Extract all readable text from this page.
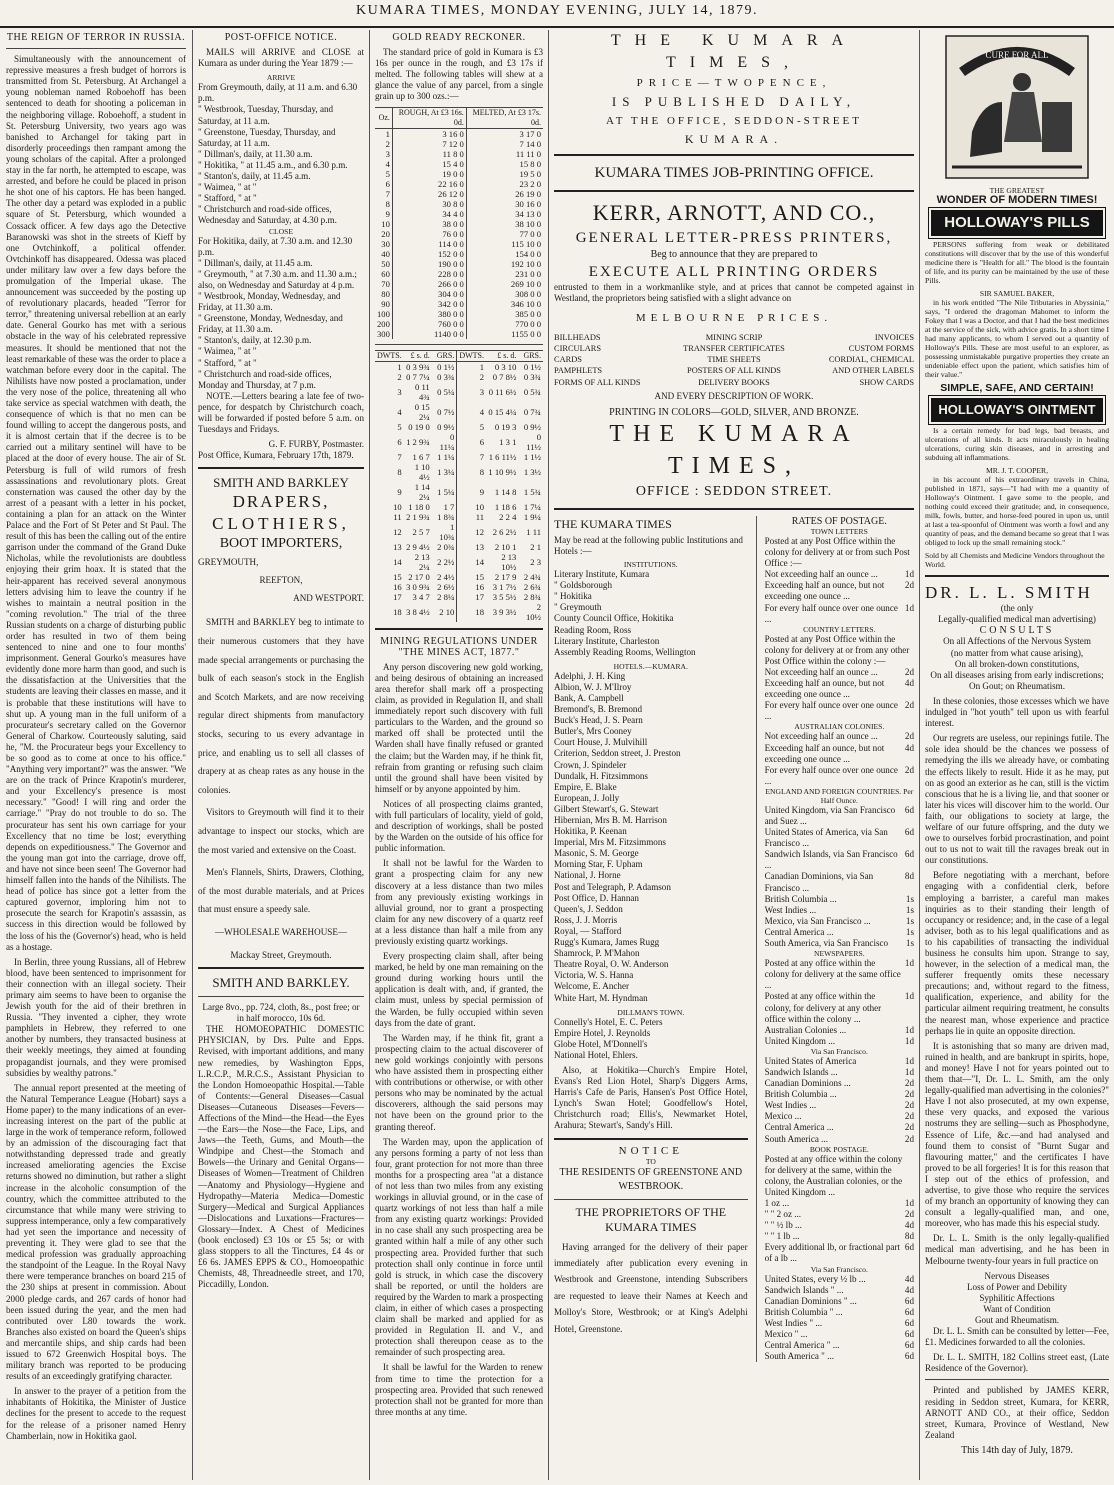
KUMARA TIMES, MONDAY EVENING, JULY 14, 1879.
THE REIGN OF TERROR IN RUSSIA.

Simultaneously with the announcement of repressive measures a fresh budget of horrors is transmitted from St. Petersburg. At Archangel a young nobleman named Roboehoff has been sentenced to death for shooting a policeman in the neighboring village. Roboehoff, a student in St. Petersburg University, two years ago was banished to Archangel for taking part in disorderly proceedings then rampant among the young scholars of the capital. After a prolonged stay in the far north, he attempted to escape, was arrested, and before he could be placed in prison he shot one of his captors. He has been hanged. The other day a petard was exploded in a public square of St. Petersburg, which wounded a Cossack officer. A few days ago the Detective Baranowski was shot in the streets of Kieff by one Ovtchinkoff, a political offender. Ovtchinkoff has disappeared. Odessa was placed under military law over a few days before the promulgation of the Imperial ukase. The announcement was succeeded by the posting up of revolutionary placards, headed "Terror for terror," threatening universal rebellion at an early date. General Gourko has met with a serious obstacle in the way of his celebrated repressive measures. It should be mentioned that not the least remarkable of these was the order to place a watchman before every door in the capital. The Nihilists have now posted a proclamation, under the very nose of the police, threatening all who take service as special watchmen with death, the consequence of which is that no men can be found willing to accept the dangerous posts, and it is almost certain that if the decree is to be carried out a military sentinel will have to be placed at the door of every house. The air of St. Petersburg is full of wild rumors of fresh assassinations and revolutionary plots. Great consternation was caused the other day by the arrest of a peasant with a letter in his pocket, containing a plan for an attack on the Winter Palace and the Fort of St Peter and St Paul. The result of this has been the calling out of the entire garrison under the command of the Grand Duke Nicholas, while the revolutionists are doubtless enjoying their grim hoax. It is stated that the heir-apparent has received several anonymous letters advising him to leave the country if he wishes to maintain a neutral position in the "coming revolution." The trial of the three Russian students on a charge of disturbing public order has resulted in two of them being sentenced to nine and one to four months' imprisonment. General Gourko's measures have evidently done more harm than good, and such is the dissatisfaction at the Universities that the students are leaving their classes en masse, and it is probable that these institutions will have to shut up. A young man in the full uniform of a procurateur's secretary called on the Governor General of Charkow. Courteously saluting, said he, "M. the Procurateur begs your Excellency to be so good as to come at once to his office." "Anything very important?" was the answer. "We are on the track of Prince Krapotin's murderer, and your Excellency's presence is most necessary." "Good! I will ring and order the carriage." "Pray do not trouble to do so. The procurateur has sent his own carriage for your Excellency that no time be lost; everything depends on expeditiousness." The Governor and the young man got into the carriage, drove off, and have not since been seen! The Governor had himself fallen into the hands of the Nihilists. The head of police has since got a letter from the captured governor, imploring him not to prosecute the search for Krapotin's assassin, as success in this direction would be followed by the loss of his the (Governor's) head, who is held as a hostage.

In Berlin, three young Russians, all of Hebrew blood, have been sentenced to imprisonment for their connection with an illegal society. Their primary aim seems to have been to organise the Jewish youth for the aid of their brethren in Russia. "They invented a cipher, they wrote pamphlets in Hebrew, they referred to one another by numbers, they transacted business at their weekly meetings, they aimed at founding propagandist journals, and they were promised subsidies by wealthy patrons."

The annual report presented at the meeting of the Natural Temperance League (Hobart) says a Home paper) to the many indications of an ever-increasing interest on the part of the public at large in the work of temperance reform, followed by an admission of the discouraging fact that notwithstanding depressed trade and greatly increased ameliorating agencies the Excise returns showed no diminution, but rather a slight increase in the alcoholic consumption of the country, which the committee attributed to the circumstance that while many were striving to suppress intemperance, only a few comparatively had yet seen the importance and necessity of preventing it. They were glad to see that the medical profession was gradually approaching the standpoint of the League. In the Royal Navy there were temperance branches on board 215 of the 230 ships at present in commission. About 2000 pledge cards, and 267 cards of honor had been issued during the year, and the men had contributed over L80 towards the work. Branches also existed on board the Queen's ships and mercantile ships, and ship cards had been issued to 672 Greenwich Hospital boys. The military branch was reported to be producing results of an exceedingly gratifying character.

In answer to the prayer of a petition from the inhabitants of Hokitika, the Minister of Justice declines for the present to accede to the request for the release of a prisoner named Henry Chamberlain, now in Hokitika gaol.

POST-OFFICE NOTICE.

MAILS will ARRIVE and CLOSE at Kumara as under during the Year 1879 :—

ARRIVE
From Greymouth, daily, at 11 a.m. and 6.30 p.m.
" Westbrook, Tuesday, Thursday, and Saturday, at 11 a.m.
" Greenstone, Tuesday, Thursday, and Saturday, at 11 a.m.
" Dillman's, daily, at 11.30 a.m.
" Hokitika, " at 11.45 a.m., and 6.30 p.m.
" Stanton's, daily, at 11.45 a.m.
" Waimea, " at "
" Stafford, " at "
" Christchurch and road-side offices, Wednesday and Saturday, at 4.30 p.m.
CLOSE
For Hokitika, daily, at 7.30 a.m. and 12.30 p.m.
" Dillman's, daily, at 11.45 a.m.
" Greymouth, " at 7.30 a.m. and 11.30 a.m.; also, on Wednesday and Saturday at 4 p.m.
" Westbrook, Monday, Wednesday, and Friday, at 11.30 a.m.
" Greenstone, Monday, Wednesday, and Friday, at 11.30 a.m.
" Stanton's, daily, at 12.30 p.m.
" Waimea, " at "
" Stafford, " at "
" Christchurch and road-side offices, Monday and Thursday, at 7 p.m.

NOTE.—Letters bearing a late fee of two-pence, for despatch by Christchurch coach, will be forwarded if posted before 5 a.m. on Tuesdays and Fridays.

G. F. FURBY, Postmaster.
Post Office, Kumara, February 17th, 1879.
SMITH AND BARKLEY
DRAPERS,
CLOTHIERS,
BOOT IMPORTERS,
GREYMOUTH,
REEFTON,
AND WESTPORT.

SMITH and BARKLEY beg to intimate to their numerous customers that they have made special arrangements or purchasing the bulk of each season's stock in the English and Scotch Markets, and are now receiving regular direct shipments from manufactory stocks, securing to us every advantage in price, and enabling us to sell all classes of drapery at as cheap rates as any house in the colonies.

Visitors to Greymouth will find it to their advantage to inspect our stocks, which are the most varied and extensive on the Coast.

Men's Flannels, Shirts, Drawers, Clothing, of the most durable materials, and at Prices that must ensure a speedy sale.

—WHOLESALE WAREHOUSE—
Mackay Street, Greymouth.
SMITH AND BARKLEY.
Large 8vo., pp. 724, cloth, 8s., post free; or in half morocco, 10s 6d.

THE HOMOEOPATHIC DOMESTIC PHYSICIAN, by Drs. Pulte and Epps. Revised, with important additions, and many new remedies, by Washington Epps, L.R.C.P., M.R.C.S., Assistant Physician to the London Homoeopathic Hospital.—Table of Contents:—General Diseases—Casual Diseases—Cutaneous Diseases—Fevers—Affections of the Mind—the Head—the Eyes—the Ears—the Nose—the Face, Lips, and Jaws—the Teeth, Gums, and Mouth—the Windpipe and Chest—the Stomach and Bowels—the Urinary and Genital Organs—Diseases of Women—Treatment of Children—Anatomy and Physiology—Hygiene and Hydropathy—Materia Medica—Domestic Surgery—Medical and Surgical Appliances—Dislocations and Luxations—Fractures—Glossary—Index. A Chest of Medicines (book enclosed) £3 10s or £5 5s; or with glass stoppers to all the Tinctures, £4 4s or £6 6s. JAMES EPPS & CO., Homoeopathic Chemists, 48, Threadneedle street, and 170, Piccadilly, London.

GOLD READY RECKONER.

The standard price of gold in Kumara is £3 16s per ounce in the rough, and £3 17s if melted. The following tables will shew at a glance the value of any parcel, from a single grain up to 300 ozs.:—

Oz.	ROUGH, At £3 16s. 0d.	MELTED, At £3 17s. 0d.
1	3 16 0	3 17 0
2	7 12 0	7 14 0
3	11 8 0	11 11 0
4	15 4 0	15 8 0
5	19 0 0	19 5 0
6	22 16 0	23 2 0
7	26 12 0	26 19 0
8	30 8 0	30 16 0
9	34 4 0	34 13 0
10	38 0 0	38 10 0
20	76 0 0	77 0 0
30	114 0 0	115 10 0
40	152 0 0	154 0 0
50	190 0 0	192 10 0
60	228 0 0	231 0 0
70	266 0 0	269 10 0
80	304 0 0	308 0 0
90	342 0 0	346 10 0
100	380 0 0	385 0 0
200	760 0 0	770 0 0
300	1140 0 0	1155 0 0
DWTS.	£ s. d.	GRS.	DWTS.	£ s. d.	GRS.
1	0 3 9¾	0 1½	1	0 3 10	0 1½
2	0 7 7¼	0 3¾	2	0 7 8½	0 3¾
3	0 11 4¾	0 5¼	3	0 11 6½	0 5¾
4	0 15 2¼	0 7½	4	0 15 4¼	0 7¾
5	0 19 0	0 9½	5	0 19 3	0 9½
6	1 2 9¾	0 11¼	6	1 3 1	0 11½
7	1 6 7	1 1¼	7	1 6 11½	1 1½
8	1 10 4½	1 3¼	8	1 10 9½	1 3½
9	1 14 2¼	1 5¼	9	1 14 8	1 5¾
10	1 18 0	1 7	10	1 18 6	1 7¼
11	2 1 9¾	1 8¾	11	2 2 4	1 9¼
12	2 5 7	1 10¾	12	2 6 2½	1 11
13	2 9 4½	2 0¾	13	2 10 1	2 1
14	2 13 2¼	2 2½	14	2 13 10½	2 3
15	2 17 0	2 4½	15	2 17 9	2 4¾
16	3 0 9¾	2 6½	16	3 1 7½	2 6¾
17	3 4 7	2 8¼	17	3 5 5½	2 8¾
18	3 8 4½	2 10	18	3 9 3½	2 10½
MINING REGULATIONS UNDER "THE MINES ACT, 1877."

Any person discovering new gold working, and being desirous of obtaining an increased area therefor shall mark off a prospecting claim, as provided in Regulation II, and shall immediately report such discovery with full particulars to the Warden, and the ground so marked off shall be protected until the Warden shall have finally refused or granted the claim; but the Warden may, if he think fit, refrain from granting or refusing such claim until the ground shall have been visited by himself or by anyone appointed by him.

Notices of all prospecting claims granted, with full particulars of locality, yield of gold, and description of workings, shall be posted by the Warden on the outside of his office for public information.

It shall not be lawful for the Warden to grant a prospecting claim for any new discovery at a less distance than two miles from any previously existing workings in alluvial ground, nor to grant a prospecting claim for any new discovery of a quartz reef at a less distance than half a mile from any previously existing quartz workings.

Every prospecting claim shall, after being marked, be held by one man remaining on the ground during working hours until the application is dealt with, and, if granted, the claim must, unless by special permission of the Warden, be fully occupied within seven days from the date of grant.

The Warden may, if he think fit, grant a prospecting claim to the actual discoverer of new gold workings conjointly with persons who have assisted them in prospecting either with contributions or otherwise, or with other persons who may be nominated by the actual discoverers, although the said persons may not have been on the ground prior to the granting thereof.

The Warden may, upon the application of any persons forming a party of not less than four, grant protection for not more than three months for a prospecting area "at a distance of not less than two miles from any existing workings in alluvial ground, or in the case of quartz workings of not less than half a mile from any existing quartz workings: Provided in no case shall any such prospecting area be granted within half a mile of any other such prospecting area. Provided further that such protection shall only continue in force until gold is struck, in which case the discovery shall be reported, or until the holders are required by the Warden to mark a prospecting claim, in either of which cases a prospecting claim shall be marked and applied for as provided in Regulation II. and V., and protection shall thereupon cease as to the remainder of such prospecting area.

It shall be lawful for the Warden to renew from time to time the protection for a prospecting area. Provided that such renewed protection shall not be granted for more than three months at any time.

THE KUMARA TIMES,
PRICE—TWOPENCE,
IS PUBLISHED DAILY,
AT THE OFFICE, SEDDON-STREET
KUMARA.
KUMARA TIMES JOB-PRINTING OFFICE.
KERR, ARNOTT, AND CO.,
GENERAL LETTER-PRESS PRINTERS,
Beg to announce that they are prepared to
EXECUTE ALL PRINTING ORDERS

entrusted to them in a workmanlike style, and at prices that cannot be competed against in Westland, the proprietors being satisfied with a slight advance on

MELBOURNE PRICES.
BILLHEADS	MINING SCRIP	INVOICES
CIRCULARS	TRANSFER CERTIFICATES	CUSTOM FORMS
CARDS	TIME SHEETS	CORDIAL, CHEMICAL
PAMPHLETS	POSTERS OF ALL KINDS	AND OTHER LABELS
FORMS OF ALL KINDS	DELIVERY BOOKS	SHOW CARDS
AND EVERY DESCRIPTION OF WORK.
PRINTING IN COLORS—GOLD, SILVER, AND BRONZE.
THE KUMARA TIMES,
OFFICE : SEDDON STREET.
THE KUMARA TIMES
May be read at the following public Institutions and Hotels :—
INSTITUTIONS.
Literary Institute, Kumara
" Goldsborough
" Hokitika
" Greymouth
County Council Office, Hokitika
Reading Room, Ross
Literary Institute, Charleston
Assembly Reading Rooms, Wellington
HOTELS.—KUMARA.
Adelphi, J. H. King
Albion, W. J. M'Ilroy
Bank, A. Campbell
Bremond's, B. Bremond
Buck's Head, J. S. Pearn
Butler's, Mrs Cooney
Court House, J. Mulvihill
Criterion, Seddon street, J. Preston
Crown, J. Spindeler
Dundalk, H. Fitzsimmons
Empire, E. Blake
European, J. Jolly
Gilbert Stewart's, G. Stewart
Hibernian, Mrs B. M. Harrison
Hokitika, P. Keenan
Imperial, Mrs M. Fitzsimmons
Masonic, S. M. George
Morning Star, F. Upham
National, J. Horne
Post and Telegraph, P. Adamson
Post Office, D. Hannan
Queen's, J. Seddon
Ross, J. J. Morris
Royal, — Stafford
Rugg's Kumara, James Rugg
Shamrock, P. M'Mahon
Theatre Royal, O. W. Anderson
Victoria, W. S. Hanna
Welcome, E. Ancher
White Hart, M. Hyndman
DILLMAN'S TOWN.
Connelly's Hotel, E. C. Peters
Empire Hotel, J. Reynolds
Globe Hotel, M'Donnell's
National Hotel, Ehlers.

Also, at Hokitika—Church's Empire Hotel, Evans's Red Lion Hotel, Sharp's Diggers Arms, Harris's Cafe de Paris, Hansen's Post Office Hotel, Lynch's Swan Hotel; Goodfellow's Hotel, Christchurch road; Ellis's, Newmarket Hotel, Arahura; Stewart's, Sandy's Hill.

NOTICE
TO
THE RESIDENTS OF GREENSTONE AND WESTBROOK.
THE PROPRIETORS OF THE KUMARA TIMES

Having arranged for the delivery of their paper immediately after publication every evening in Westbrook and Greenstone, intending Subscribers are requested to leave their Names at Keech and Molloy's Store, Westbrook; or at King's Adelphi Hotel, Greenstone.

RATES OF POSTAGE.
TOWN LETTERS
Posted at any Post Office within the colony for delivery at or from such Post Office :—
Not exceeding half an ounce ...	1d
Exceeding half an ounce, but not exceeding one ounce ...
2d
For every half ounce over one ounce ...
1d
COUNTRY LETTERS.
Posted at any Post Office within the colony for delivery at or from any other Post Office within the colony :—
Not exceeding half an ounce ...	2d
Exceeding half an ounce, but not exceeding one ounce ...
4d
For every half ounce over one ounce ...
2d
AUSTRALIAN COLONIES.
Not exceeding half an ounce ...	2d
Exceeding half an ounce, but not exceeding one ounce ...
4d
For every half ounce over one ounce ...
2d
ENGLAND AND FOREIGN COUNTRIES. Per Half Ounce.
United Kingdom, via San Francisco and Suez ...
6d
United States of America, via San Francisco ...
6d
Sandwich Islands, via San Francisco ...
6d
Canadian Dominions, via San Francisco ...
8d
British Columbia ...	1s
West Indies ...	1s
Mexico, via San Francisco ...	1s
Central America ...	1s
South America, via San Francisco	1s
NEWSPAPERS.
Posted at any office within the colony for delivery at the same office ...
1d
Posted at any office within the colony, for delivery at any other office within the colony ...
1d
Australian Colonies ...	1d
United Kingdom ...	1d
Via San Francisco.
United States of America	1d
Sandwich Islands ...	1d
Canadian Dominions ...	2d
British Columbia ...	2d
West Indies ...	2d
Mexico ...	2d
Central America ...	2d
South America ...	2d
BOOK POSTAGE.
Posted at any office within the colony for delivery at the same, within the colony, the Australian colonies, or the United Kingdom ...
1 oz ...	1d
" " 2 oz ...	2d
" " ½ lb ...	4d
" " 1 lb ...	8d
Every additional lb, or fractional part of a lb ...
6d
Via San Francisco.
United States, every ½ lb ...	4d
Sandwich Islands " ...	4d
Canadian Dominions " ...	6d
British Columbia " ...	6d
West Indies " ...	6d
Mexico " ...	6d
Central America " ...	6d
South America " ...	6d
CURE FOR ALL
THE GREATEST
WONDER OF MODERN TIMES!
HOLLOWAY'S PILLS

PERSONS suffering from weak or debilitated constitutions will discover that by the use of this wonderful medicine there is "Health for all." The blood is the fountain of life, and its purity can be maintained by the use of these Pills.

SIR SAMUEL BAKER,

in his work entitled "The Nile Tributaries in Abyssinia," says, "I ordered the dragoman Mahomet to inform the Fokey that I was a Doctor, and that I had the best medicines at the service of the sick, with advice gratis. In a short time I had many applicants, to whom I served out a quantity of Holloway's Pills. These are most useful to an explorer, as possessing unmistakable purgative properties they create an undeniable effect upon the patient, which satisfies him of their value."

SIMPLE, SAFE, AND CERTAIN!
HOLLOWAY'S OINTMENT

Is a certain remedy for bad legs, bad breasts, and ulcerations of all kinds. It acts miraculously in healing ulcerations, curing skin diseases, and in arresting and subduing all inflammations.

MR. J. T. COOPER,

in his account of his extraordinary travels in China, published in 1871, says—"I had with me a quantity of Holloway's Ointment. I gave some to the people, and nothing could exceed their gratitude; and, in consequence, milk, fowls, butter, and horse-feed poured in upon us, until at last a tea-spoonful of Ointment was worth a fowl and any quantity of peas, and the demand became so great that I was obliged to lock up the small remaining stock."

Sold by all Chemists and Medicine Vendors throughout the World.
DR. L. L. SMITH
(the only
Legally-qualified medical man advertising)
CONSULTS
On all Affections of the Nervous System
(no matter from what cause arising),
On all broken-down constitutions,
On all diseases arising from early indiscretions;
On Gout; on Rheumatism.

In these colonies, those excesses which we have indulged in "hot youth" tell upon us with fearful interest.

Our regrets are useless, our repinings futile. The sole idea should be the chances we possess of remedying the ills we already have, or combating the effects likely to result. Hide it as he may, put on as good an exterior as he can, still is the victim conscious that he is a living lie, and that sooner or later his vices will discover him to the world. Our faith, our obligations to society at large, the welfare of our future offspring, and the duty we owe to ourselves forbid procrastination, and point out to us not to wait till the ravages break out in our constitutions.

Before negotiating with a merchant, before engaging with a confidential clerk, before employing a barrister, a careful man makes inquiries as to their standing their length of occupancy or residence; and, in the case of a legal adviser, both as to his legal qualifications and as to his capabilities of transacting the individual business he consults him upon. Strange to say, however, in the selection of a medical man, the sufferer frequently omits these necessary precautions; and, without regard to the fitness, qualification, experience, and ability for the particular ailment requiring treatment, he consults the nearest man, whose experience and practice perhaps lie in quite an opposite direction.

It is astonishing that so many are driven mad, ruined in health, and are bankrupt in spirits, hope, and money! Have I not for years pointed out to them that—"I, Dr. L. L. Smith, am the only legally-qualified man advertising in the colonies?" Have I not also prosecuted, at my own expense, these very quacks, and exposed the various nostrums they are selling—such as Phosphodyne, Essence of Life, &c.—and had analysed and found them to consist of "Burnt Sugar and flavouring matter," and the certificates I have proved to be all forgeries! It is for this reason that I step out of the ethics of profession, and advertise, to give those who require the services of my branch an opportunity of knowing they can consult a legally-qualified man, and one, moreover, who has made this his especial study.

Dr. L. L. Smith is the only legally-qualified medical man advertising, and he has been in Melbourne twenty-four years in full practice on

Nervous Diseases
Loss of Power and Debility
Syphilitic Affections
Want of Condition
Gout and Rheumatism.

Dr. L. L. Smith can be consulted by letter—Fee, £1. Medicines forwarded to all the colonies.

Dr. L. L. SMITH, 182 Collins street east, (Late Residence of the Governor).

Printed and published by JAMES KERR, residing in Seddon street, Kumara, for KERR, ARNOTT AND CO., at their office, Seddon street, Kumara, Province of Westland, New Zealand

This 14th day of July, 1879.
